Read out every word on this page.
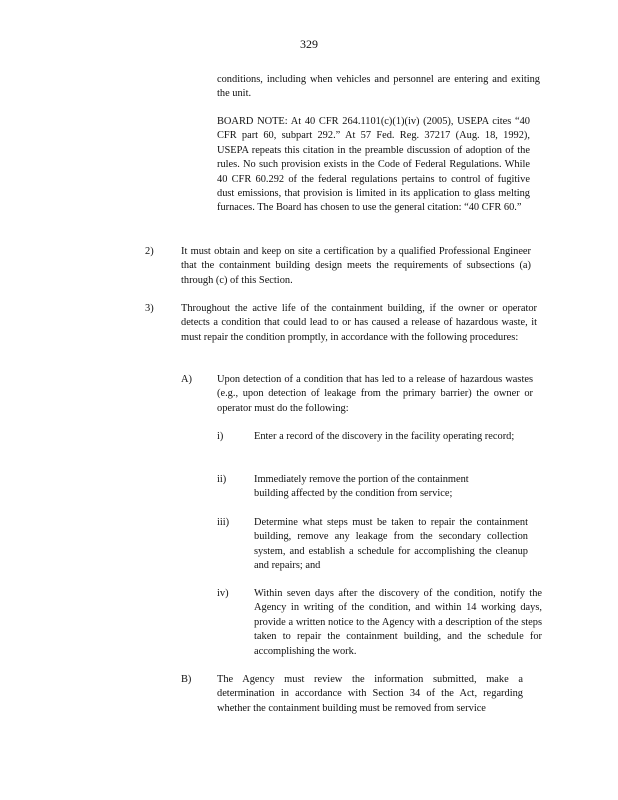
329

conditions, including when vehicles and personnel are entering and exiting the unit.

BOARD NOTE: At 40 CFR 264.1101(c)(1)(iv) (2005), USEPA cites “40 CFR part 60, subpart 292.” At 57 Fed. Reg. 37217 (Aug. 18, 1992), USEPA repeats this citation in the preamble discussion of adoption of the rules. No such provision exists in the Code of Federal Regulations. While 40 CFR 60.292 of the federal regulations pertains to control of fugitive dust emissions, that provision is limited in its application to glass melting furnaces. The Board has chosen to use the general citation: “40 CFR 60.”

2)	It must obtain and keep on site a certification by a qualified Professional Engineer that the containment building design meets the requirements of subsections (a) through (c) of this Section.

3)	Throughout the active life of the containment building, if the owner or operator detects a condition that could lead to or has caused a release of hazardous waste, it must repair the condition promptly, in accordance with the following procedures:

A) Upon detection of a condition that has led to a release of hazardous wastes (e.g., upon detection of leakage from the primary barrier) the owner or operator must do the following:

i)	Enter a record of the discovery in the facility operating record;

ii)	Immediately remove the portion of the containment building affected by the condition from service;

iii) Determine what steps must be taken to repair the containment building, remove any leakage from the secondary collection system, and establish a schedule for accomplishing the cleanup and repairs; and

iv) Within seven days after the discovery of the condition, notify the Agency in writing of the condition, and within 14 working days, provide a written notice to the Agency with a description of the steps taken to repair the containment building, and the schedule for accomplishing the work.

B) The Agency must review the information submitted, make a determination in accordance with Section 34 of the Act, regarding whether the containment building must be removed from service
